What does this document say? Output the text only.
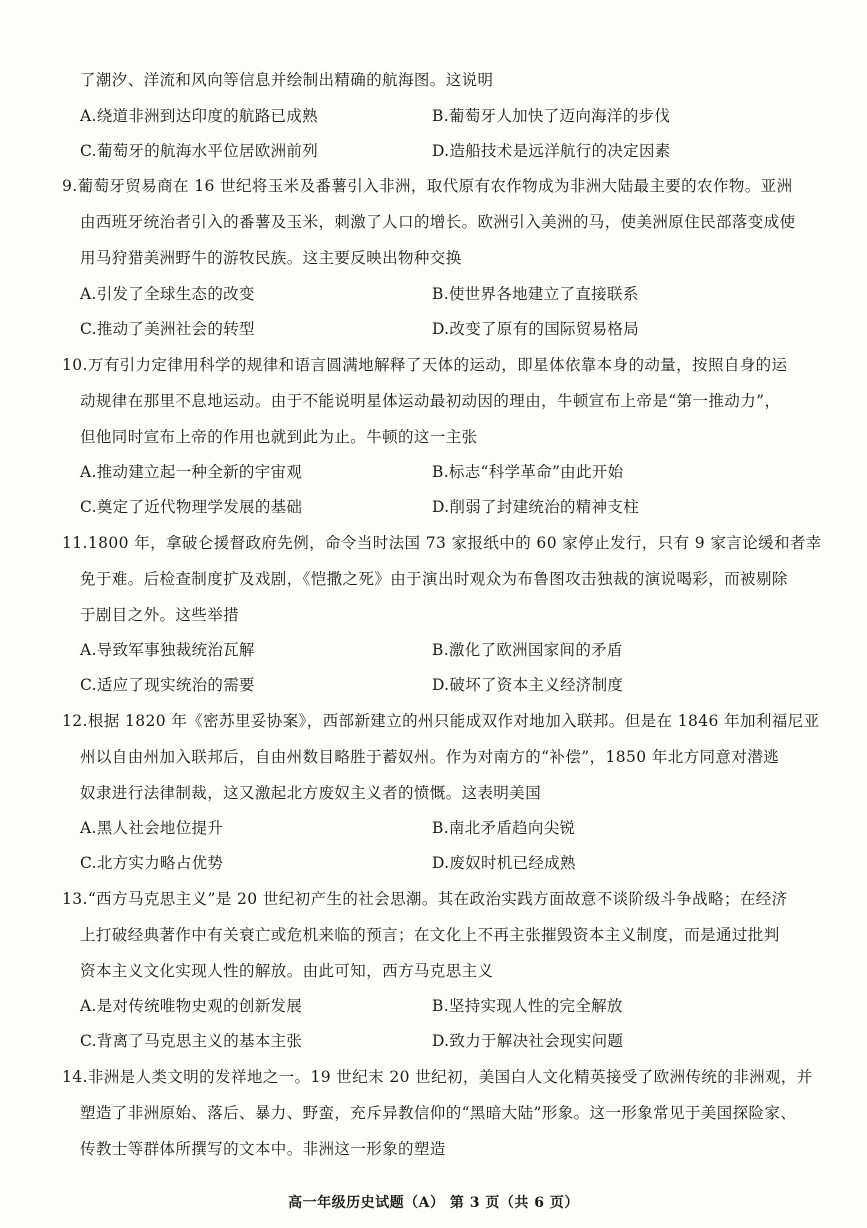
了潮汐、洋流和风向等信息并绘制出精确的航海图。这说明
A.绕道非洲到达印度的航路已成熟	B.葡萄牙人加快了迈向海洋的步伐
C.葡萄牙的航海水平位居欧洲前列	D.造船技术是远洋航行的决定因素
9.葡萄牙贸易商在 16 世纪将玉米及番薯引入非洲，取代原有农作物成为非洲大陆最主要的农作物。亚洲
由西班牙统治者引入的番薯及玉米，刺激了人口的增长。欧洲引入美洲的马，使美洲原住民部落变成使
用马狩猎美洲野牛的游牧民族。这主要反映出物种交换
A.引发了全球生态的改变	B.使世界各地建立了直接联系
C.推动了美洲社会的转型	D.改变了原有的国际贸易格局
10.万有引力定律用科学的规律和语言圆满地解释了天体的运动，即星体依靠本身的动量，按照自身的运
动规律在那里不息地运动。由于不能说明星体运动最初动因的理由，牛顿宣布上帝是“第一推动力”，
但他同时宣布上帝的作用也就到此为止。牛顿的这一主张
A.推动建立起一种全新的宇宙观	B.标志“科学革命”由此开始
C.奠定了近代物理学发展的基础	D.削弱了封建统治的精神支柱
11.1800 年，拿破仑援督政府先例，命令当时法国 73 家报纸中的 60 家停止发行，只有 9 家言论缓和者幸
免于难。后检查制度扩及戏剧，《恺撒之死》由于演出时观众为布鲁图攻击独裁的演说喝彩，而被剔除
于剧目之外。这些举措
A.导致军事独裁统治瓦解	B.激化了欧洲国家间的矛盾
C.适应了现实统治的需要	D.破坏了资本主义经济制度
12.根据 1820 年《密苏里妥协案》，西部新建立的州只能成双作对地加入联邦。但是在 1846 年加利福尼亚
州以自由州加入联邦后，自由州数目略胜于蓄奴州。作为对南方的“补偿”，1850 年北方同意对潜逃
奴隶进行法律制裁，这又激起北方废奴主义者的愤慨。这表明美国
A.黑人社会地位提升	B.南北矛盾趋向尖锐
C.北方实力略占优势	D.废奴时机已经成熟
13.“西方马克思主义”是 20 世纪初产生的社会思潮。其在政治实践方面故意不谈阶级斗争战略；在经济
上打破经典著作中有关衰亡或危机来临的预言；在文化上不再主张摧毁资本主义制度，而是通过批判
资本主义文化实现人性的解放。由此可知，西方马克思主义
A.是对传统唯物史观的创新发展	B.坚持实现人性的完全解放
C.背离了马克思主义的基本主张	D.致力于解决社会现实问题
14.非洲是人类文明的发祥地之一。19 世纪末 20 世纪初，美国白人文化精英接受了欧洲传统的非洲观，并
塑造了非洲原始、落后、暴力、野蛮，充斥异教信仰的“黑暗大陆”形象。这一形象常见于美国探险家、
传教士等群体所撰写的文本中。非洲这一形象的塑造
高一年级历史试题（A） 第 3 页（共 6 页）
